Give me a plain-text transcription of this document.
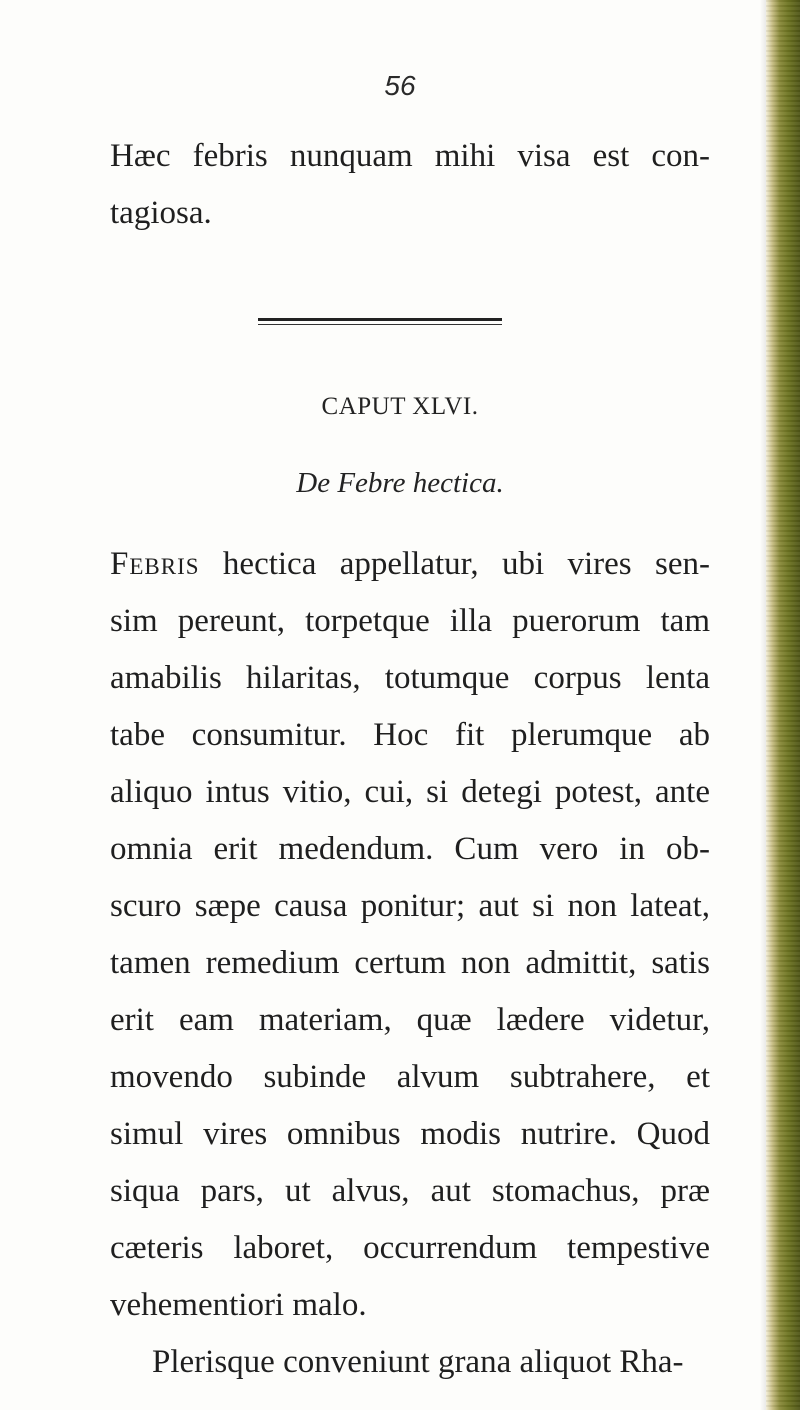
56
Hæc febris nunquam mihi visa est con-
tagiosa.
CAPUT XLVI.
De Febre hectica.
Febris hectica appellatur, ubi vires sen-
sim pereunt, torpetque illa puerorum tam
amabilis hilaritas, totumque corpus lenta
tabe consumitur. Hoc fit plerumque ab
aliquo intus vitio, cui, si detegi potest, ante
omnia erit medendum. Cum vero in ob-
scuro sæpe causa ponitur; aut si non lateat,
tamen remedium certum non admittit, satis
erit eam materiam, quæ lædere videtur,
movendo subinde alvum subtrahere, et
simul vires omnibus modis nutrire. Quod
siqua pars, ut alvus, aut stomachus, præ
cæteris laboret, occurrendum tempestive
vehementiori malo.
Plerisque conveniunt grana aliquot Rha-
